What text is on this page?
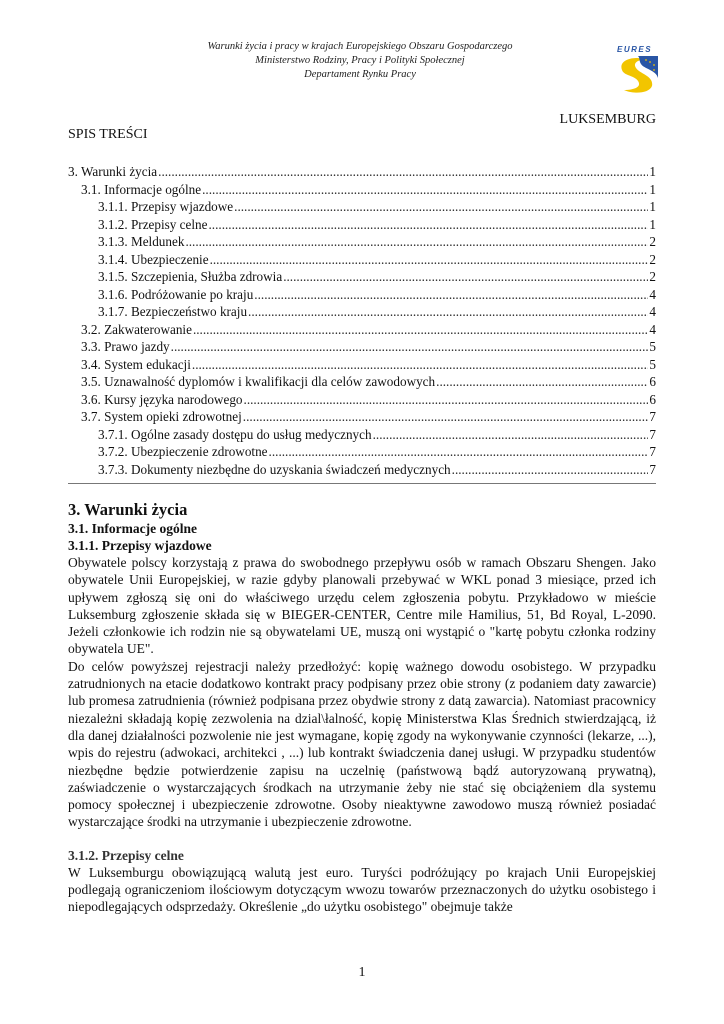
Warunki życia i pracy w krajach Europejskiego Obszaru Gospodarczego
Ministerstwo Rodziny, Pracy i Polityki Społecznej
Departament Rynku Pracy
EURES
LUKSEMBURG
SPIS TREŚCI
3. Warunki życia .....	1
3.1. Informacje ogólne .....	1
3.1.1. Przepisy wjazdowe .....	1
3.1.2. Przepisy celne .....	1
3.1.3. Meldunek .....	2
3.1.4. Ubezpieczenie .....	2
3.1.5. Szczepienia, Służba zdrowia .....	2
3.1.6. Podróżowanie po kraju .....	4
3.1.7. Bezpieczeństwo kraju .....	4
3.2. Zakwaterowanie .....	4
3.3. Prawo jazdy .....	5
3.4. System edukacji .....	5
3.5. Uznawalność dyplomów i kwalifikacji dla celów zawodowych .....	6
3.6. Kursy języka narodowego .....	6
3.7. System opieki zdrowotnej .....	7
3.7.1. Ogólne zasady dostępu do usług medycznych .....	7
3.7.2. Ubezpieczenie zdrowotne .....	7
3.7.3. Dokumenty niezbędne do uzyskania świadczeń medycznych .....	7
3. Warunki życia
3.1. Informacje ogólne
3.1.1. Przepisy wjazdowe

Obywatele polscy korzystają z prawa do swobodnego przepływu osób w ramach Obszaru Shengen. Jako obywatele Unii Europejskiej, w razie gdyby planowali przebywać w WKL ponad 3 miesiące, przed ich upływem zgłoszą się oni do właściwego urzędu celem zgłoszenia pobytu. Przykładowo w mieście Luksemburg zgłoszenie składa się w BIEGER-CENTER, Centre mile Hamilius, 51, Bd Royal, L-2090. Jeżeli członkowie ich rodzin nie są obywatelami UE, muszą oni wystąpić o "kartę pobytu członka rodziny obywatela UE".

Do celów powyższej rejestracji należy przedłożyć: kopię ważnego dowodu osobistego. W przypadku zatrudnionych na etacie dodatkowo kontrakt pracy podpisany przez obie strony (z podaniem daty zawarcie) lub promesa zatrudnienia (również podpisana przez obydwie strony z datą zawarcia). Natomiast pracownicy niezależni składają kopię zezwolenia na dzial\łalność, kopię Ministerstwa Klas Średnich stwierdzającą, iż dla danej działalności pozwolenie nie jest wymagane, kopię zgody na wykonywanie czynności (lekarze, ...), wpis do rejestru (adwokaci, architekci , ...) lub kontrakt świadczenia danej usługi. W przypadku studentów niezbędne będzie potwierdzenie zapisu na uczelnię (państwową bądź autoryzowaną prywatną), zaświadczenie o wystarczających środkach na utrzymanie żeby nie stać się obciążeniem dla systemu pomocy społecznej i ubezpieczenie zdrowotne. Osoby nieaktywne zawodowo muszą również posiadać wystarczające środki na utrzymanie i ubezpieczenie zdrowotne.

3.1.2. Przepisy celne

W Luksemburgu obowiązującą walutą jest euro. Turyści podróżujący po krajach Unii Europejskiej podlegają ograniczeniom ilościowym dotyczącym wwozu towarów przeznaczonych do użytku osobistego i niepodlegających odsprzedaży. Określenie „do użytku osobistego" obejmuje także

1
